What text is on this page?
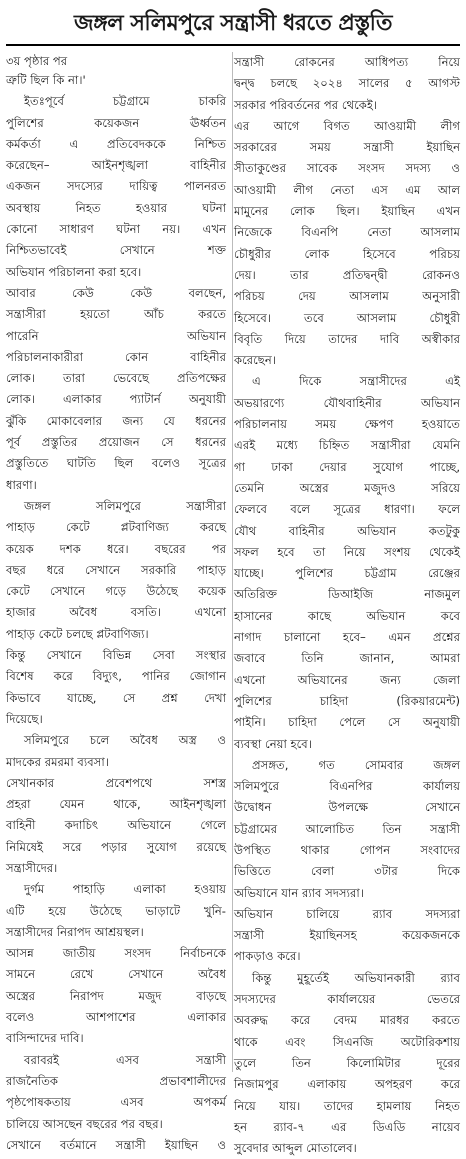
জঙ্গল সলিমপুরে সন্ত্রাসী ধরতে প্রস্তুতি
৩য় পৃষ্ঠার পর
ত্রুটি ছিল কি না।'
ইতঃপূর্বে চট্টগ্রামে চাকরি
পুলিশের কয়েকজন ঊর্ধ্বতন
কর্মকর্তা এ প্রতিবেদককে নিশ্চিত
করেছেন– আইনশৃঙ্খলা বাহিনীর
একজন সদস্যের দায়িত্ব পালনরত
অবস্থায় নিহত হওয়ার ঘটনা
কোনো সাধারণ ঘটনা নয়। এখন
নিশ্চিতভাবেই সেখানে শক্ত
অভিযান পরিচালনা করা হবে।
আবার কেউ কেউ বলছেন,
সন্ত্রাসীরা হয়তো আঁচ করতে
পারেনি অভিযান
পরিচালনাকারীরা কোন বাহিনীর
লোক। তারা ভেবেছে প্রতিপক্ষের
লোক। এলাকার প্যাটার্ন অনুযায়ী
ঝুঁকি মোকাবেলার জন্য যে ধরনের
পূর্ব প্রস্তুতির প্রয়োজন সে ধরনের
প্রস্তুতিতে ঘাটতি ছিল বলেও সূত্রের
ধারণা।
জঙ্গল সলিমপুরে সন্ত্রাসীরা
পাহাড় কেটে প্লটবাণিজ্য করছে
কয়েক দশক ধরে। বছরের পর
বছর ধরে সেখানে সরকারি পাহাড়
কেটে সেখানে গড়ে উঠেছে কয়েক
হাজার অবৈধ বসতি। এখনো
পাহাড় কেটে চলছে প্লটবাণিজ্য।
কিন্তু সেখানে বিভিন্ন সেবা সংস্থার
বিশেষ করে বিদ্যুৎ, পানির জোগান
কিভাবে যাচ্ছে, সে প্রশ্ন দেখা
দিয়েছে।
সলিমপুরে চলে অবৈধ অস্ত্র ও
মাদকের রমরমা ব্যবসা।
সেখানকার প্রবেশপথে সশস্ত্র
প্রহরা যেমন থাকে, আইনশৃঙ্খলা
বাহিনী কদাচিৎ অভিযানে গেলে
নিমিষেই সরে পড়ার সুযোগ রয়েছে
সন্ত্রাসীদের।
দুর্গম পাহাড়ি এলাকা হওয়ায়
এটি হয়ে উঠেছে ভাড়াটে খুনি-
সন্ত্রাসীদের নিরাপদ আশ্রয়স্থল।
আসন্ন জাতীয় সংসদ নির্বাচনকে
সামনে রেখে সেখানে অবৈধ
অস্ত্রের নিরাপদ মজুদ বাড়ছে
বলেও আশপাশের এলাকার
বাসিন্দাদের দাবি।
বরাবরই এসব সন্ত্রাসী
রাজনৈতিক প্রভাবশালীদের
পৃষ্ঠপোষকতায় এসব অপকর্ম
চালিয়ে আসছেন বছরের পর বছর।
সেখানে বর্তমানে সন্ত্রাসী ইয়াছিন ও
সন্ত্রাসী রোকনের আধিপত্য নিয়ে
দ্বন্দ্ব চলছে ২০২৪ সালের ৫ আগস্ট
সরকার পরিবর্তনের পর থেকেই।
এর আগে বিগত আওয়ামী লীগ
সরকারের সময় সন্ত্রাসী ইয়াছিন
সীতাকুণ্ডের সাবেক সংসদ সদস্য ও
আওয়ামী লীগ নেতা এস এম আল
মামুনের লোক ছিল। ইয়াছিন এখন
নিজেকে বিএনপি নেতা আসলাম
চৌধুরীর লোক হিসেবে পরিচয়
দেয়। তার প্রতিদ্বন্দ্বী রোকনও
পরিচয় দেয় আসলাম অনুসারী
হিসেবে। তবে আসলাম চৌধুরী
বিবৃতি দিয়ে তাদের দাবি অস্বীকার
করেছেন।
এ দিকে সন্ত্রাসীদের এই
অভয়ারণ্যে যৌথবাহিনীর অভিযান
পরিচালনায় সময় ক্ষেপণ হওয়াতে
এরই মধ্যে চিহ্নিত সন্ত্রাসীরা যেমনি
গা ঢাকা দেয়ার সুযোগ পাচ্ছে,
তেমনি অস্ত্রের মজুদও সরিয়ে
ফেলবে বলে সূত্রের ধারণা। ফলে
যৌথ বাহিনীর অভিযান কতটুকু
সফল হবে তা নিয়ে সংশয় থেকেই
যাচ্ছে। পুলিশের চট্টগ্রাম রেঞ্জের
অতিরিক্ত ডিআইজি নাজমুল
হাসানের কাছে অভিযান কবে
নাগাদ চালানো হবে– এমন প্রশ্নের
জবাবে তিনি জানান, আমরা
এখনো অভিযানের জন্য জেলা
পুলিশের চাহিদা (রিকয়ারমেন্ট)
পাইনি। চাহিদা পেলে সে অনুযায়ী
ব্যবস্থা নেয়া হবে।
প্রসঙ্গত, গত সোমবার জঙ্গল
সলিমপুরে বিএনপির কার্যালয়
উদ্বোধন উপলক্ষে সেখানে
চট্টগ্রামের আলোচিত তিন সন্ত্রাসী
উপস্থিত থাকার গোপন সংবাদের
ভিত্তিতে বেলা ৩টার দিকে
অভিযানে যান র‌্যাব সদস্যরা।
অভিযান চালিয়ে র‌্যাব সদস্যরা
সন্ত্রাসী ইয়াছিনসহ কয়েকজনকে
পাকড়াও করে।
কিন্তু মুহূর্তেই অভিযানকারী র‌্যাব
সদস্যদের কার্যালয়ের ভেতরে
অবরুদ্ধ করে বেদম মারধর করতে
থাকে এবং সিএনজি অটোরিকশায়
তুলে তিন কিলোমিটার দূরের
নিজামপুর এলাকায় অপহরণ করে
নিয়ে যায়। তাদের হামলায় নিহত
হন র‌্যাব-৭ এর ডিএডি নায়েব
সুবেদার আব্দুল মোতালেব।
